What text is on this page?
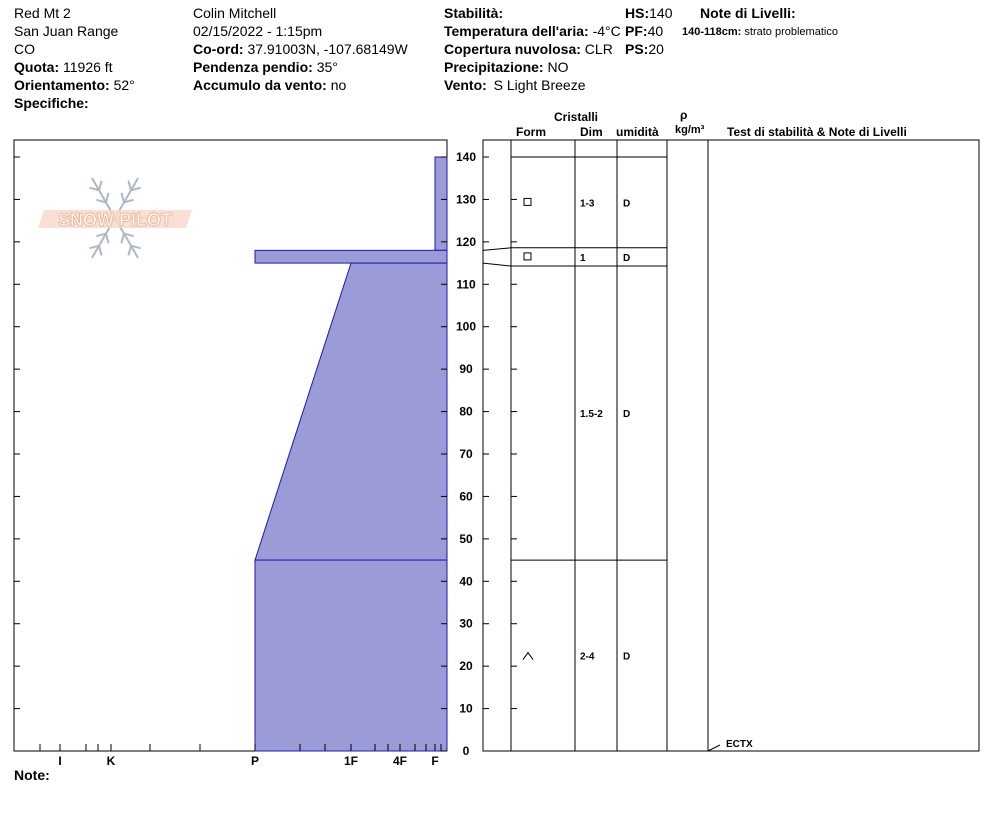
Red Mt 2
San Juan Range
CO
Quota: 11926 ft
Orientamento: 52°
Specifiche:
Colin Mitchell
02/15/2022 - 1:15pm
Co-ord: 37.91003N, -107.68149W
Pendenza pendio: 35°
Accumulo da vento: no
Stabilità:
Temperatura dell'aria: -4°C
Copertura nuvolosa: CLR
Precipitazione: NO
Vento: S Light Breeze
HS:140
PF:40
PS:20
Note di Livelli:
140-118cm: strato problematico
Cristalli
Form	Dim umidità
ρ
kg/m³ Test di stabilità & Note di Livelli
Note:
SNOW PILOT
I	K	P	1F	4F F
0
10
20
30
40
50
60
70
80
90
100
110
120
130
140
1-3	D
1	D
1.5-2 D
2-4	D
ECTX
